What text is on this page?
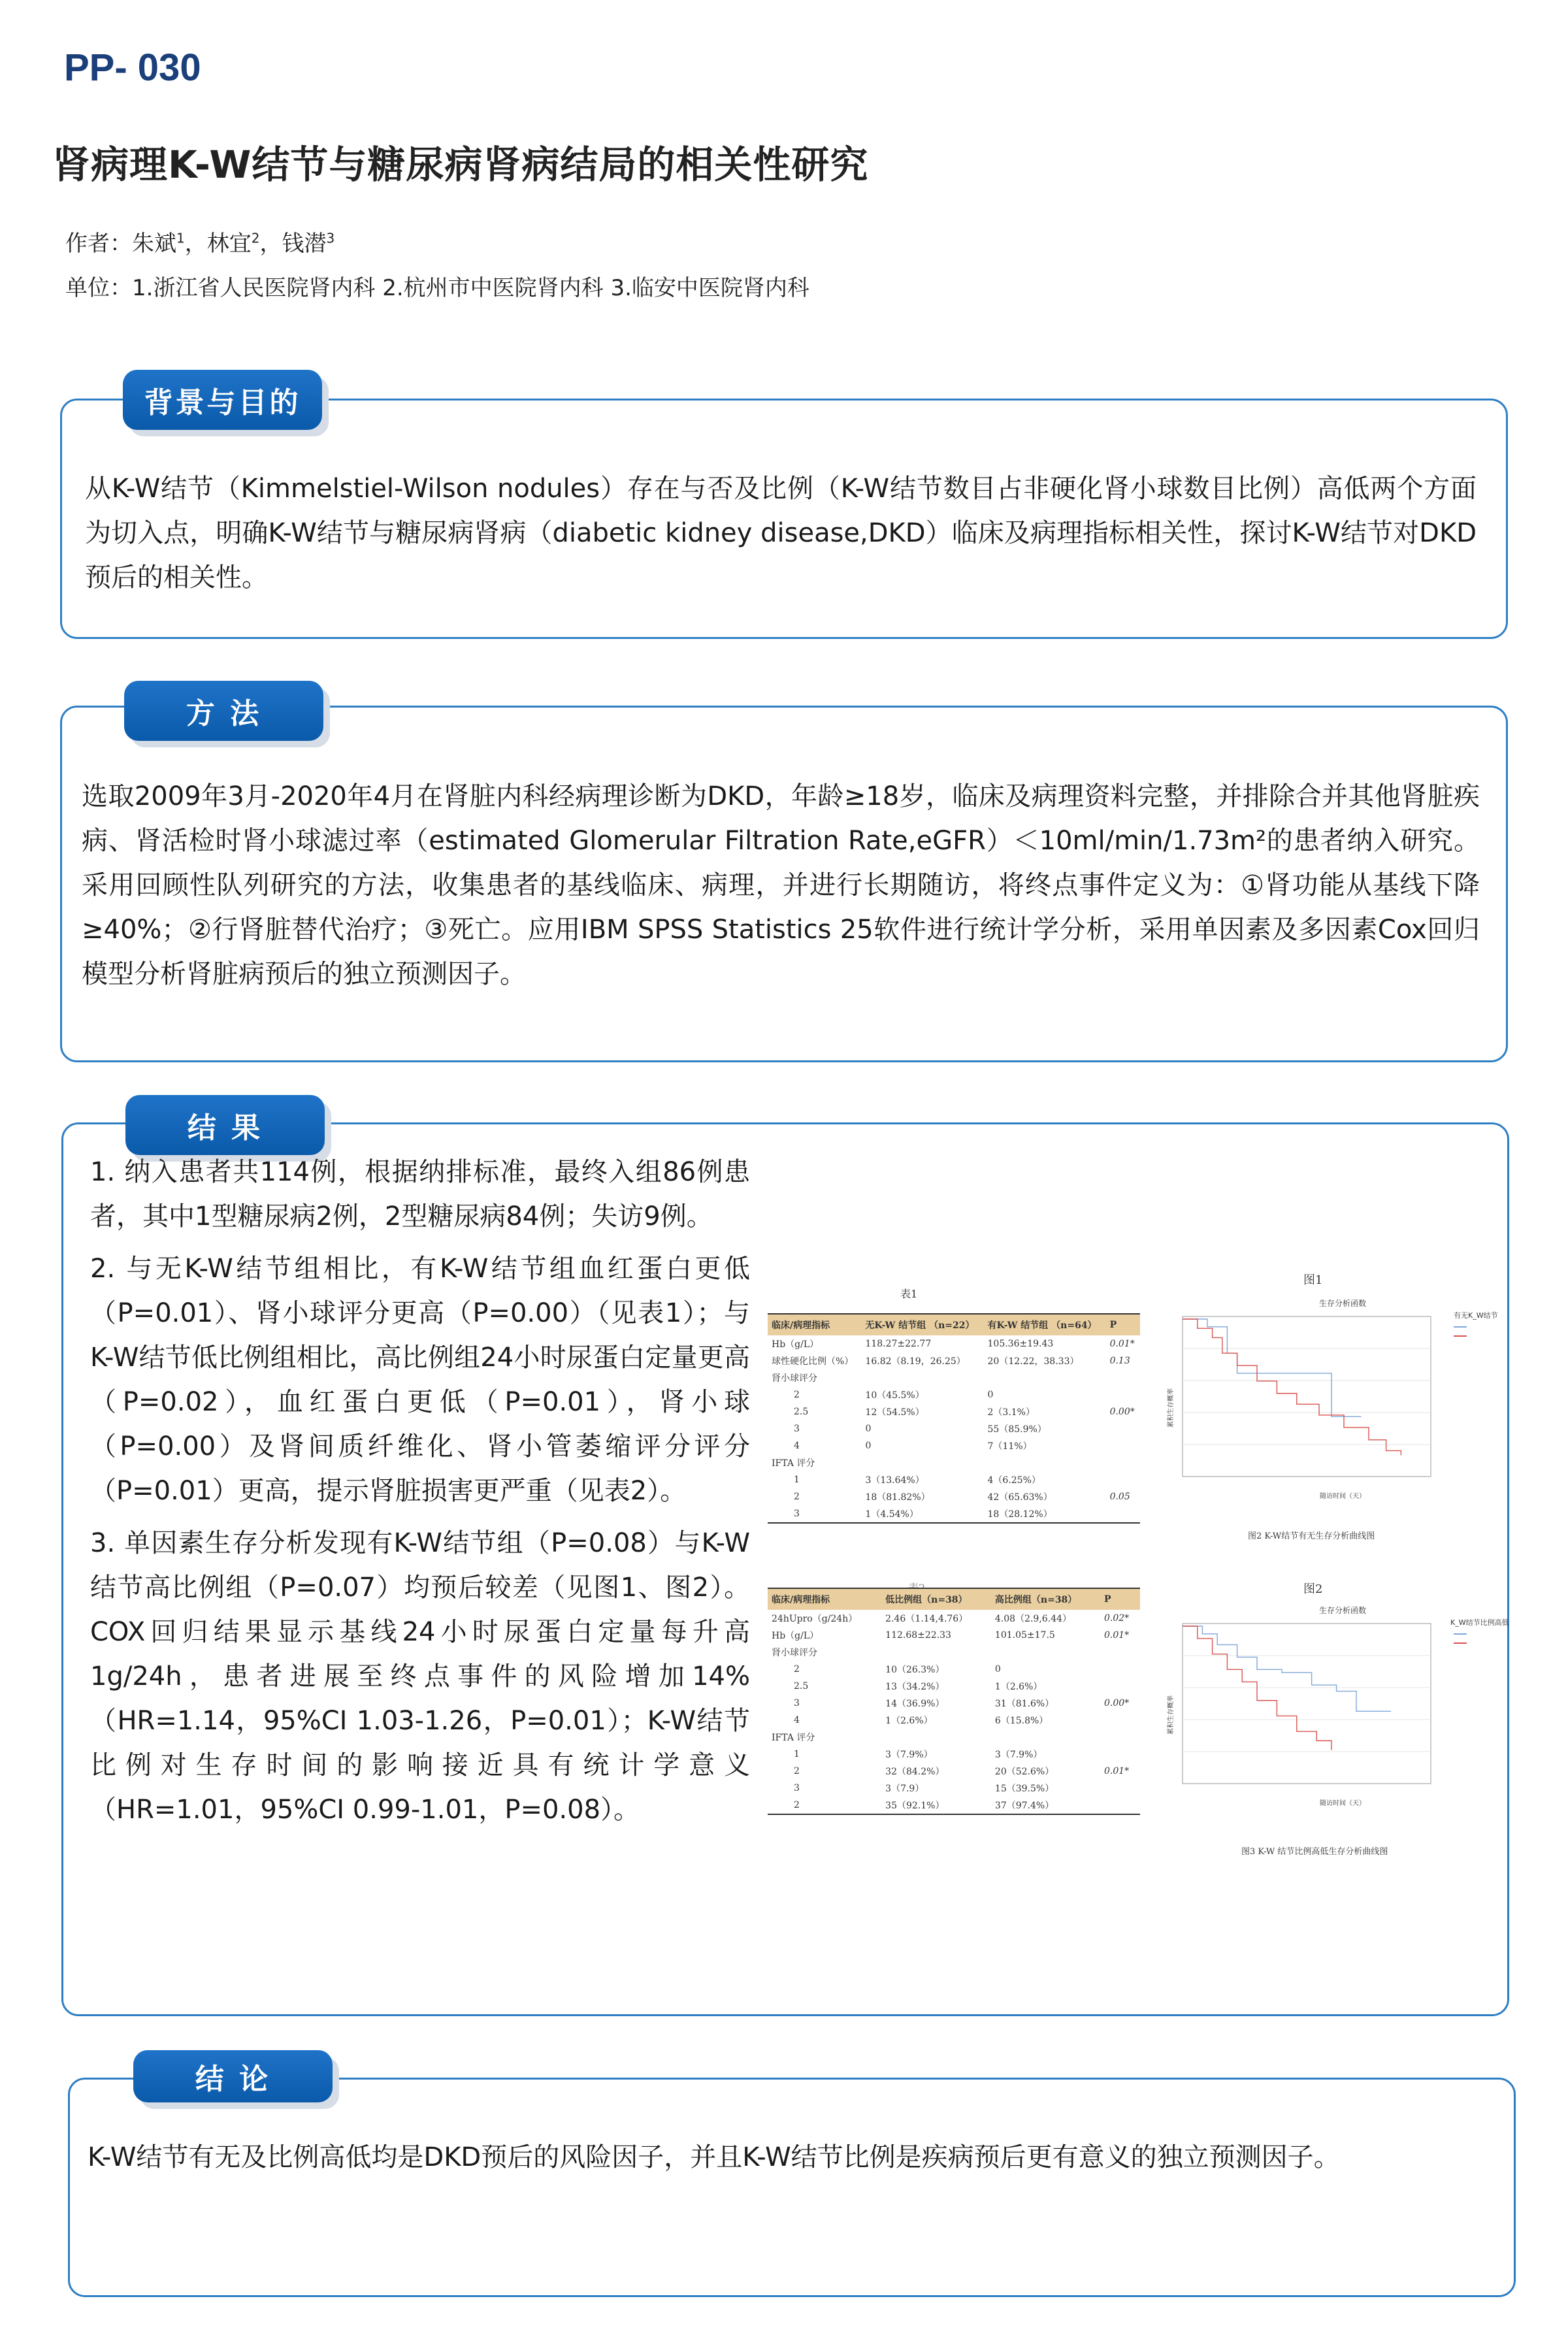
PP- 030
肾病理K-W结节与糖尿病肾病结局的相关性研究
作者：朱斌$^1$，林宜$^2$，钱潜$^3$
单位：1.浙江省人民医院肾内科 2.杭州市中医院肾内科 3.临安中医院肾内科
背景与目的
从K-W结节（Kimmelstiel-Wilson nodules）存在与否及比例（K-W结节数目占非硬化肾小球数目比例）高低两个方面为切入点，明确K-W结节与糖尿病肾病（diabetic kidney disease,DKD）临床及病理指标相关性，探讨K-W结节对DKD预后的相关性。
方 法
选取2009年3月-2020年4月在肾脏内科经病理诊断为DKD，年龄≥18岁，临床及病理资料完整，并排除合并其他肾脏疾病、肾活检时肾小球滤过率（estimated Glomerular Filtration Rate,eGFR）＜10ml/min/1.73m²的患者纳入研究。采用回顾性队列研究的方法，收集患者的基线临床、病理，并进行长期随访，将终点事件定义为：①肾功能从基线下降≥40%；②行肾脏替代治疗；③死亡。应用IBM SPSS Statistics 25软件进行统计学分析，采用单因素及多因素Cox回归模型分析肾脏病预后的独立预测因子。
结 果

1. 纳入患者共114例，根据纳排标准，最终入组86例患者，其中1型糖尿病2例，2型糖尿病84例；失访9例。

2. 与无K-W结节组相比，有K-W结节组血红蛋白更低（P=0.01）、肾小球评分更高（P=0.00）（见表1）；与K-W结节低比例组相比，高比例组24小时尿蛋白定量更高（P=0.02），血红蛋白更低（P=0.01），肾小球（P=0.00）及肾间质纤维化、肾小管萎缩评分评分（P=0.01）更高，提示肾脏损害更严重（见表2）。

3. 单因素生存分析发现有K-W结节组（P=0.08）与K-W结节高比例组（P=0.07）均预后较差（见图1、图2）。COX回归结果显示基线24小时尿蛋白定量每升高1g/24h，患者进展至终点事件的风险增加14%（HR=1.14，95%CI 1.03-1.26，P=0.01）；K-W结节比例对生存时间的影响接近具有统计学意义（HR=1.01，95%CI 0.99-1.01，P=0.08）。

表1
临床/病理指标	无K-W 结节组 （n=22）	有K-W 结节组 （n=64）	P
Hb（g/L）	118.27±22.77	105.36±19.43	0.01*
球性硬化比例（%）	16.82（8.19，26.25）	20（12.22，38.33）	0.13
肾小球评分			
2	10（45.5%）	0	
2.5	12（54.5%）	2（3.1%）	0.00*
3	0	55（85.9%）	
4	0	7（11%）	
IFTA 评分			
1	3（13.64%）	4（6.25%）	
2	18（81.82%）	42（65.63%）	0.05
3	1（4.54%）	18（28.12%）	
临床/病理指标	低比例组（n=38）	高比例组（n=38）	P
24hUpro（g/24h）	2.46（1.14,4.76）	4.08（2.9,6.44）	0.02*
Hb（g/L）	112.68±22.33	101.05±17.5	0.01*
肾小球评分			
2	10（26.3%）	0	
2.5	13（34.2%）	1（2.6%）	
3	14（36.9%）	31（81.6%）	0.00*
4	1（2.6%）	6（15.8%）	
IFTA 评分			
1	3（7.9%）	3（7.9%）	
2	32（84.2%）	20（52.6%）	0.01*
3	3（7.9）	15（39.5%）	
2	35（92.1%）	37（97.4%）	
图1
生存分析函数
有无K_W结节
随访时间（天）
累积生存概率
图2 K-W结节有无生存分析曲线图
图2
生存分析函数
K_W结节比例高低
随访时间（天）
累积生存概率
图3 K-W 结节比例高低生存分析曲线图
结 论
K-W结节有无及比例高低均是DKD预后的风险因子，并且K-W结节比例是疾病预后更有意义的独立预测因子。
